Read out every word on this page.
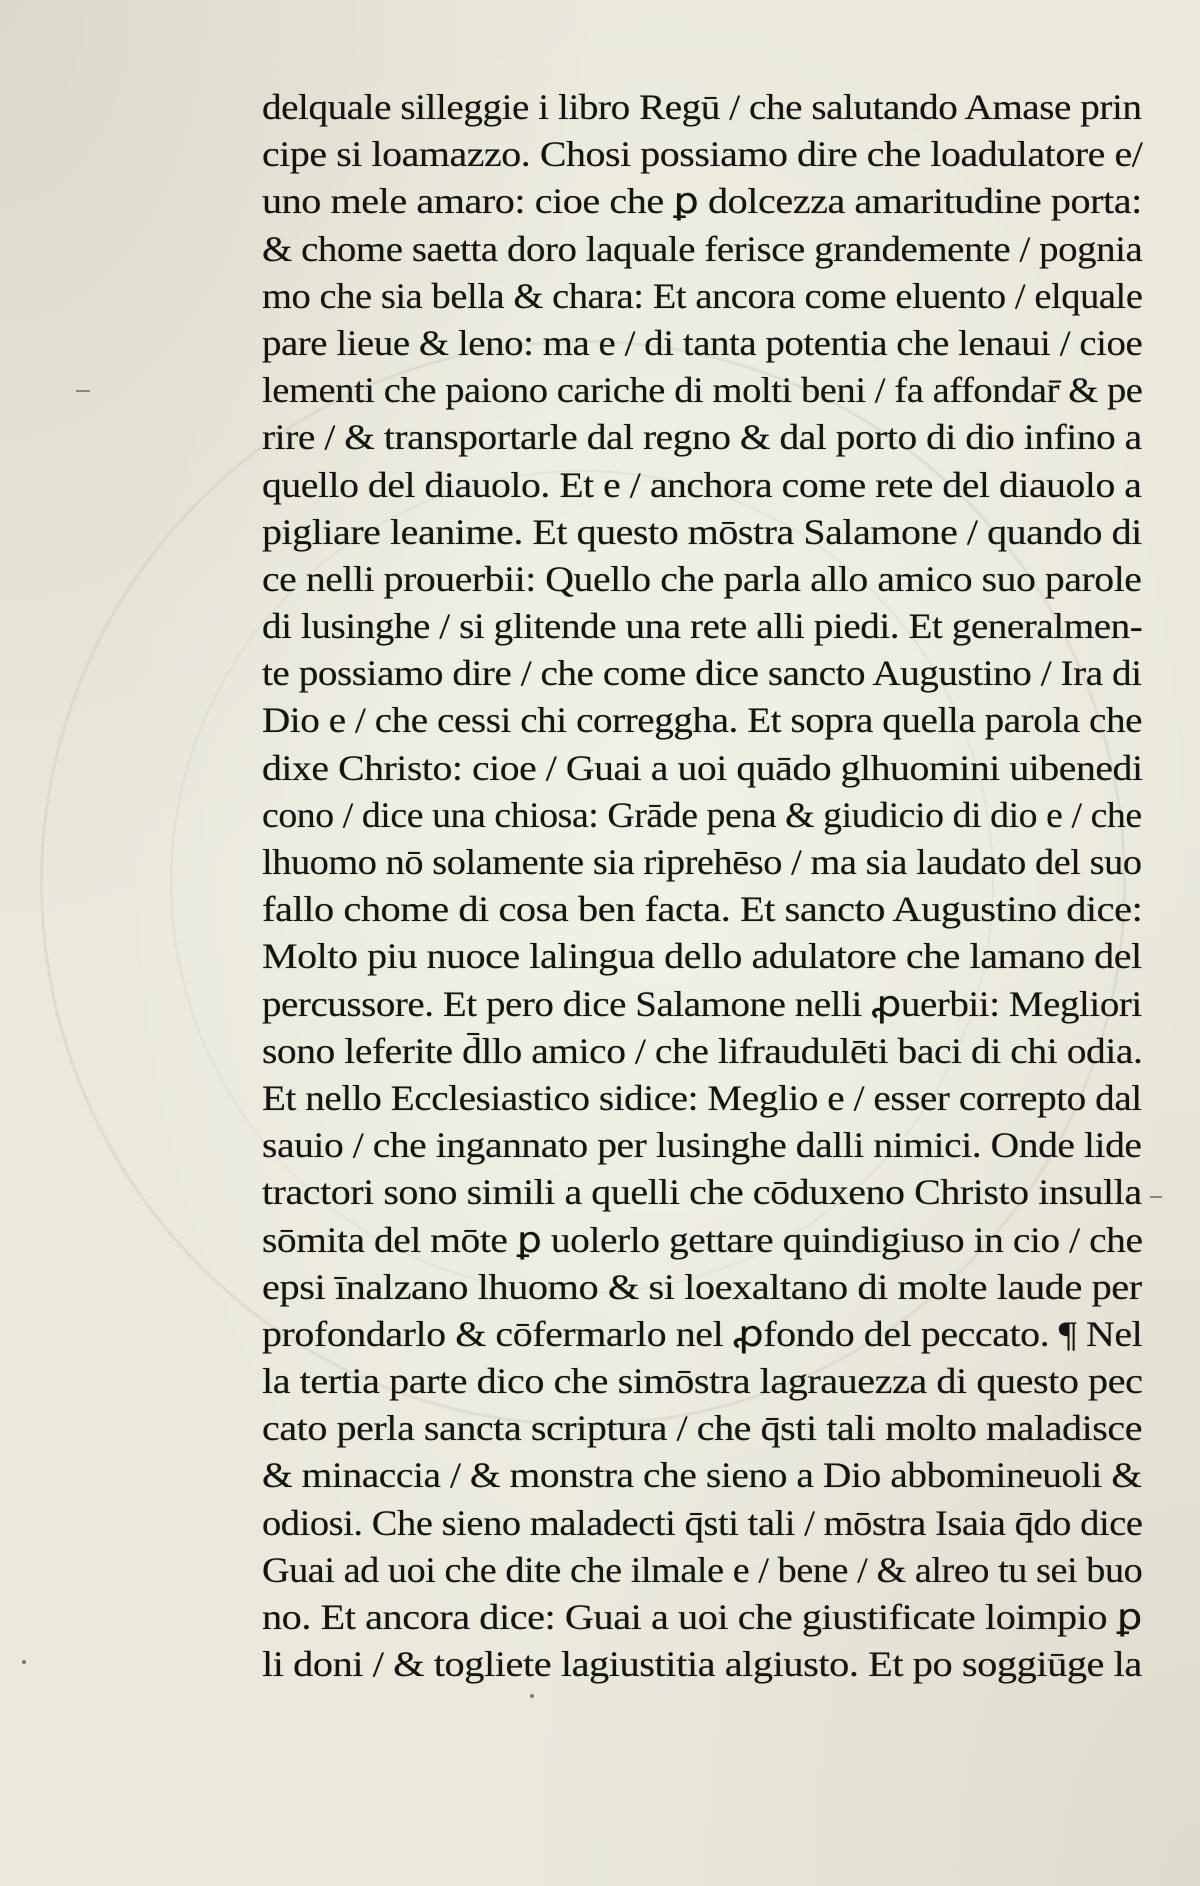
delquale silleggie i libro Regū / che salutando Amase prin
cipe si loamazzo. Chosi possiamo dire che loadulatore e/
uno mele amaro: cioe che ꝑ dolcezza amaritudine porta:
& chome saetta doro laquale ferisce grandemente / pognia
mo che sia bella & chara: Et ancora come eluento / elquale
pare lieue & leno: ma e / di tanta potentia che lenaui / cioe
lementi che paiono cariche di molti beni / fa affondar̄ & pe
rire / & transportarle dal regno & dal porto di dio infino a
quello del diauolo. Et e / anchora come rete del diauolo a
pigliare leanime. Et questo mōstra Salamone / quando di
ce nelli prouerbii: Quello che parla allo amico suo parole
di lusinghe / si glitende una rete alli piedi. Et generalmen-
te possiamo dire / che come dice sancto Augustino / Ira di
Dio e / che cessi chi correggha. Et sopra quella parola che
dixe Christo: cioe / Guai a uoi quādo glhuomini uibenedi
cono / dice una chiosa: Grāde pena & giudicio di dio e / che
lhuomo nō solamente sia riprehēso / ma sia laudato del suo
fallo chome di cosa ben facta. Et sancto Augustino dice:
Molto piu nuoce lalingua dello adulatore che lamano del
percussore. Et pero dice Salamone nelli ꝓuerbii: Megliori
sono leferite d̄llo amico / che lifraudulēti baci di chi odia.
Et nello Ecclesiastico sidice: Meglio e / esser correpto dal
sauio / che ingannato per lusinghe dalli nimici. Onde lide
tractori sono simili a quelli che cōduxeno Christo insulla
sōmita del mōte ꝑ uolerlo gettare quindigiuso in cio / che
epsi īnalzano lhuomo & si loexaltano di molte laude per
profondarlo & cōfermarlo nel ꝓfondo del peccato. ¶ Nel
la tertia parte dico che simōstra lagrauezza di questo pec
cato perla sancta scriptura / che q̄sti tali molto maladisce
& minaccia / & monstra che sieno a Dio abbomineuoli &
odiosi. Che sieno maladecti q̄sti tali / mōstra Isaia q̄do dice
Guai ad uoi che dite che ilmale e / bene / & alreo tu sei buo
no. Et ancora dice: Guai a uoi che giustificate loimpio ꝑ
li doni / & togliete lagiustitia algiusto. Et po soggiūge la
